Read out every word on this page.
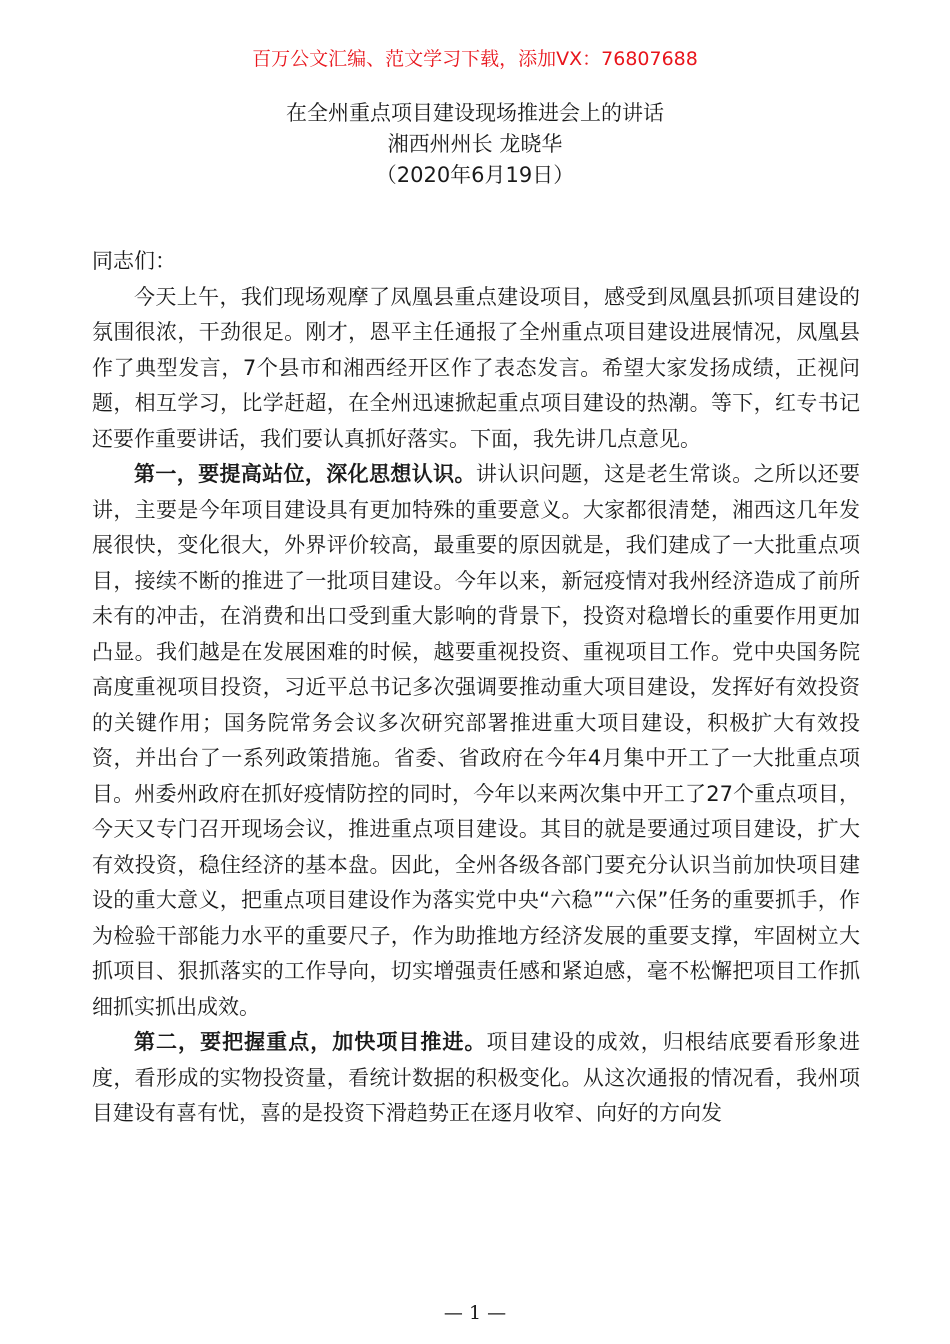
百万公文汇编、范文学习下载，添加VX：76807688
在全州重点项目建设现场推进会上的讲话
湘西州州长 龙晓华
（2020年6月19日）

同志们：

今天上午，我们现场观摩了凤凰县重点建设项目，感受到凤凰县抓项目建设的氛围很浓，干劲很足。刚才，恩平主任通报了全州重点项目建设进展情况，凤凰县作了典型发言，7个县市和湘西经开区作了表态发言。希望大家发扬成绩，正视问题，相互学习，比学赶超，在全州迅速掀起重点项目建设的热潮。等下，红专书记还要作重要讲话，我们要认真抓好落实。下面，我先讲几点意见。

第一，要提高站位，深化思想认识。讲认识问题，这是老生常谈。之所以还要讲，主要是今年项目建设具有更加特殊的重要意义。大家都很清楚，湘西这几年发展很快，变化很大，外界评价较高，最重要的原因就是，我们建成了一大批重点项目，接续不断的推进了一批项目建设。今年以来，新冠疫情对我州经济造成了前所未有的冲击，在消费和出口受到重大影响的背景下，投资对稳增长的重要作用更加凸显。我们越是在发展困难的时候，越要重视投资、重视项目工作。党中央国务院高度重视项目投资，习近平总书记多次强调要推动重大项目建设，发挥好有效投资的关键作用；国务院常务会议多次研究部署推进重大项目建设，积极扩大有效投资，并出台了一系列政策措施。省委、省政府在今年4月集中开工了一大批重点项目。州委州政府在抓好疫情防控的同时，今年以来两次集中开工了27个重点项目，今天又专门召开现场会议，推进重点项目建设。其目的就是要通过项目建设，扩大有效投资，稳住经济的基本盘。因此，全州各级各部门要充分认识当前加快项目建设的重大意义，把重点项目建设作为落实党中央“六稳”“六保”任务的重要抓手，作为检验干部能力水平的重要尺子，作为助推地方经济发展的重要支撑，牢固树立大抓项目、狠抓落实的工作导向，切实增强责任感和紧迫感，毫不松懈把项目工作抓细抓实抓出成效。

第二，要把握重点，加快项目推进。项目建设的成效，归根结底要看形象进度，看形成的实物投资量，看统计数据的积极变化。从这次通报的情况看，我州项目建设有喜有忧，喜的是投资下滑趋势正在逐月收窄、向好的方向发

— 1 —
